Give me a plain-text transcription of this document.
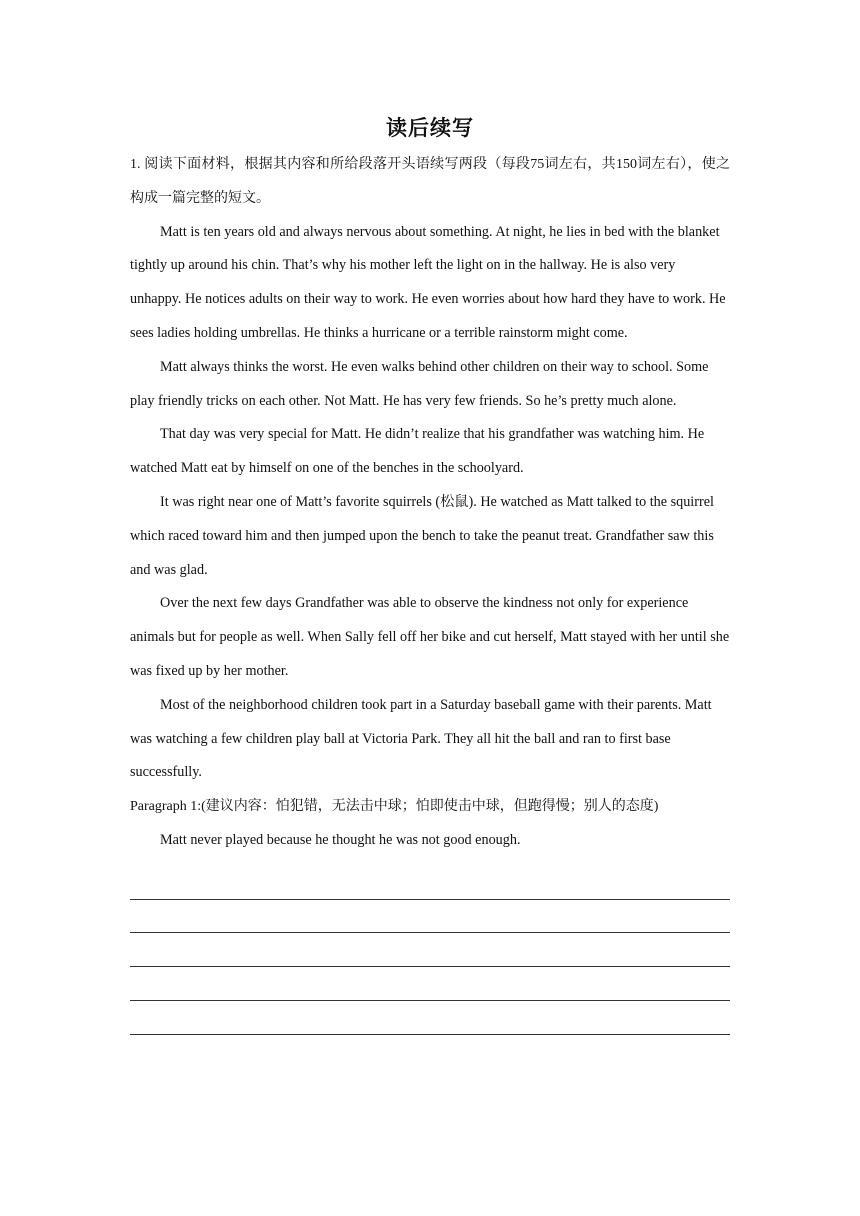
读后续写

1. 阅读下面材料，根据其内容和所给段落开头语续写两段（每段75词左右，共150词左右），使之构成一篇完整的短文。

Matt is ten years old and always nervous about something. At night, he lies in bed with the blanket tightly up around his chin. That’s why his mother left the light on in the hallway. He is also very unhappy. He notices adults on their way to work. He even worries about how hard they have to work. He sees ladies holding umbrellas. He thinks a hurricane or a terrible rainstorm might come.

Matt always thinks the worst. He even walks behind other children on their way to school. Some play friendly tricks on each other. Not Matt. He has very few friends. So he’s pretty much alone.

That day was very special for Matt. He didn’t realize that his grandfather was watching him. He watched Matt eat by himself on one of the benches in the schoolyard.

It was right near one of Matt’s favorite squirrels (松鼠). He watched as Matt talked to the squirrel which raced toward him and then jumped upon the bench to take the peanut treat. Grandfather saw this and was glad.

Over the next few days Grandfather was able to observe the kindness not only for experience animals but for people as well. When Sally fell off her bike and cut herself, Matt stayed with her until she was fixed up by her mother.

Most of the neighborhood children took part in a Saturday baseball game with their parents. Matt was watching a few children play ball at Victoria Park. They all hit the ball and ran to first base successfully.

Paragraph 1:(建议内容：怕犯错，无法击中球；怕即使击中球，但跑得慢；别人的态度)

Matt never played because he thought he was not good enough.
